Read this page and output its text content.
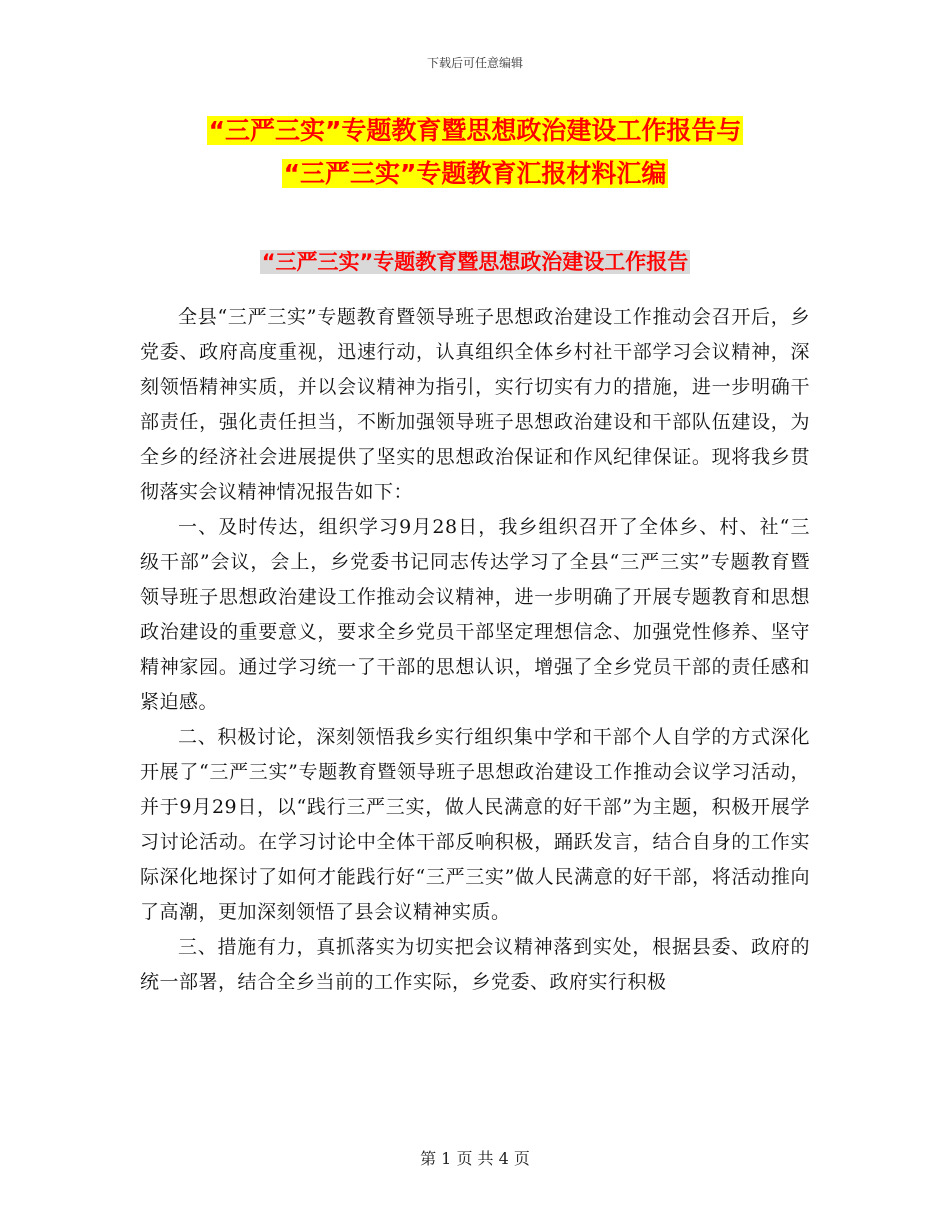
下载后可任意编辑
“三严三实”专题教育暨思想政治建设工作报告与
“三严三实”专题教育汇报材料汇编
“三严三实”专题教育暨思想政治建设工作报告

全县“三严三实”专题教育暨领导班子思想政治建设工作推动会召开后，乡党委、政府高度重视，迅速行动，认真组织全体乡村社干部学习会议精神，深刻领悟精神实质，并以会议精神为指引，实行切实有力的措施，进一步明确干部责任，强化责任担当，不断加强领导班子思想政治建设和干部队伍建设，为全乡的经济社会进展提供了坚实的思想政治保证和作风纪律保证。现将我乡贯彻落实会议精神情况报告如下：

一、及时传达，组织学习9月28日，我乡组织召开了全体乡、村、社“三级干部”会议，会上，乡党委书记同志传达学习了全县“三严三实”专题教育暨领导班子思想政治建设工作推动会议精神，进一步明确了开展专题教育和思想政治建设的重要意义，要求全乡党员干部坚定理想信念、加强党性修养、坚守精神家园。通过学习统一了干部的思想认识，增强了全乡党员干部的责任感和紧迫感。

二、积极讨论，深刻领悟我乡实行组织集中学和干部个人自学的方式深化开展了“三严三实”专题教育暨领导班子思想政治建设工作推动会议学习活动，并于9月29日，以“践行三严三实，做人民满意的好干部”为主题，积极开展学习讨论活动。在学习讨论中全体干部反响积极，踊跃发言，结合自身的工作实际深化地探讨了如何才能践行好“三严三实”做人民满意的好干部，将活动推向了高潮，更加深刻领悟了县会议精神实质。

三、措施有力，真抓落实为切实把会议精神落到实处，根据县委、政府的统一部署，结合全乡当前的工作实际，乡党委、政府实行积极

第 1 页 共 4 页
